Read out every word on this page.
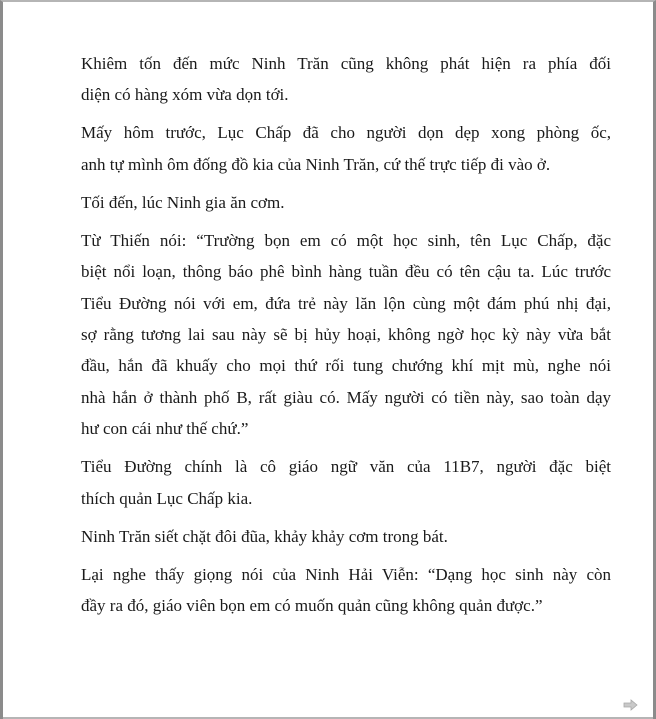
Khiêm tốn đến mức Ninh Trăn cũng không phát hiện ra phía đối
diện có hàng xóm vừa dọn tới.

Mấy hôm trước, Lục Chấp đã cho người dọn dẹp xong phòng ốc,
anh tự mình ôm đống đồ kia của Ninh Trăn, cứ thế trực tiếp đi vào ở.

Tối đến, lúc Ninh gia ăn cơm.

Từ Thiến nói: “Trường bọn em có một học sinh, tên Lục Chấp, đặc
biệt nổi loạn, thông báo phê bình hàng tuần đều có tên cậu ta. Lúc trước
Tiểu Đường nói với em, đứa trẻ này lăn lộn cùng một đám phú nhị đại,
sợ rằng tương lai sau này sẽ bị hủy hoại, không ngờ học kỳ này vừa bắt
đầu, hắn đã khuấy cho mọi thứ rối tung chướng khí mịt mù, nghe nói
nhà hắn ở thành phố B, rất giàu có. Mấy người có tiền này, sao toàn dạy
hư con cái như thế chứ.”

Tiểu Đường chính là cô giáo ngữ văn của 11B7, người đặc biệt
thích quản Lục Chấp kia.

Ninh Trăn siết chặt đôi đũa, khảy khảy cơm trong bát.

Lại nghe thấy giọng nói của Ninh Hải Viễn: “Dạng học sinh này còn
đầy ra đó, giáo viên bọn em có muốn quản cũng không quản được.”
